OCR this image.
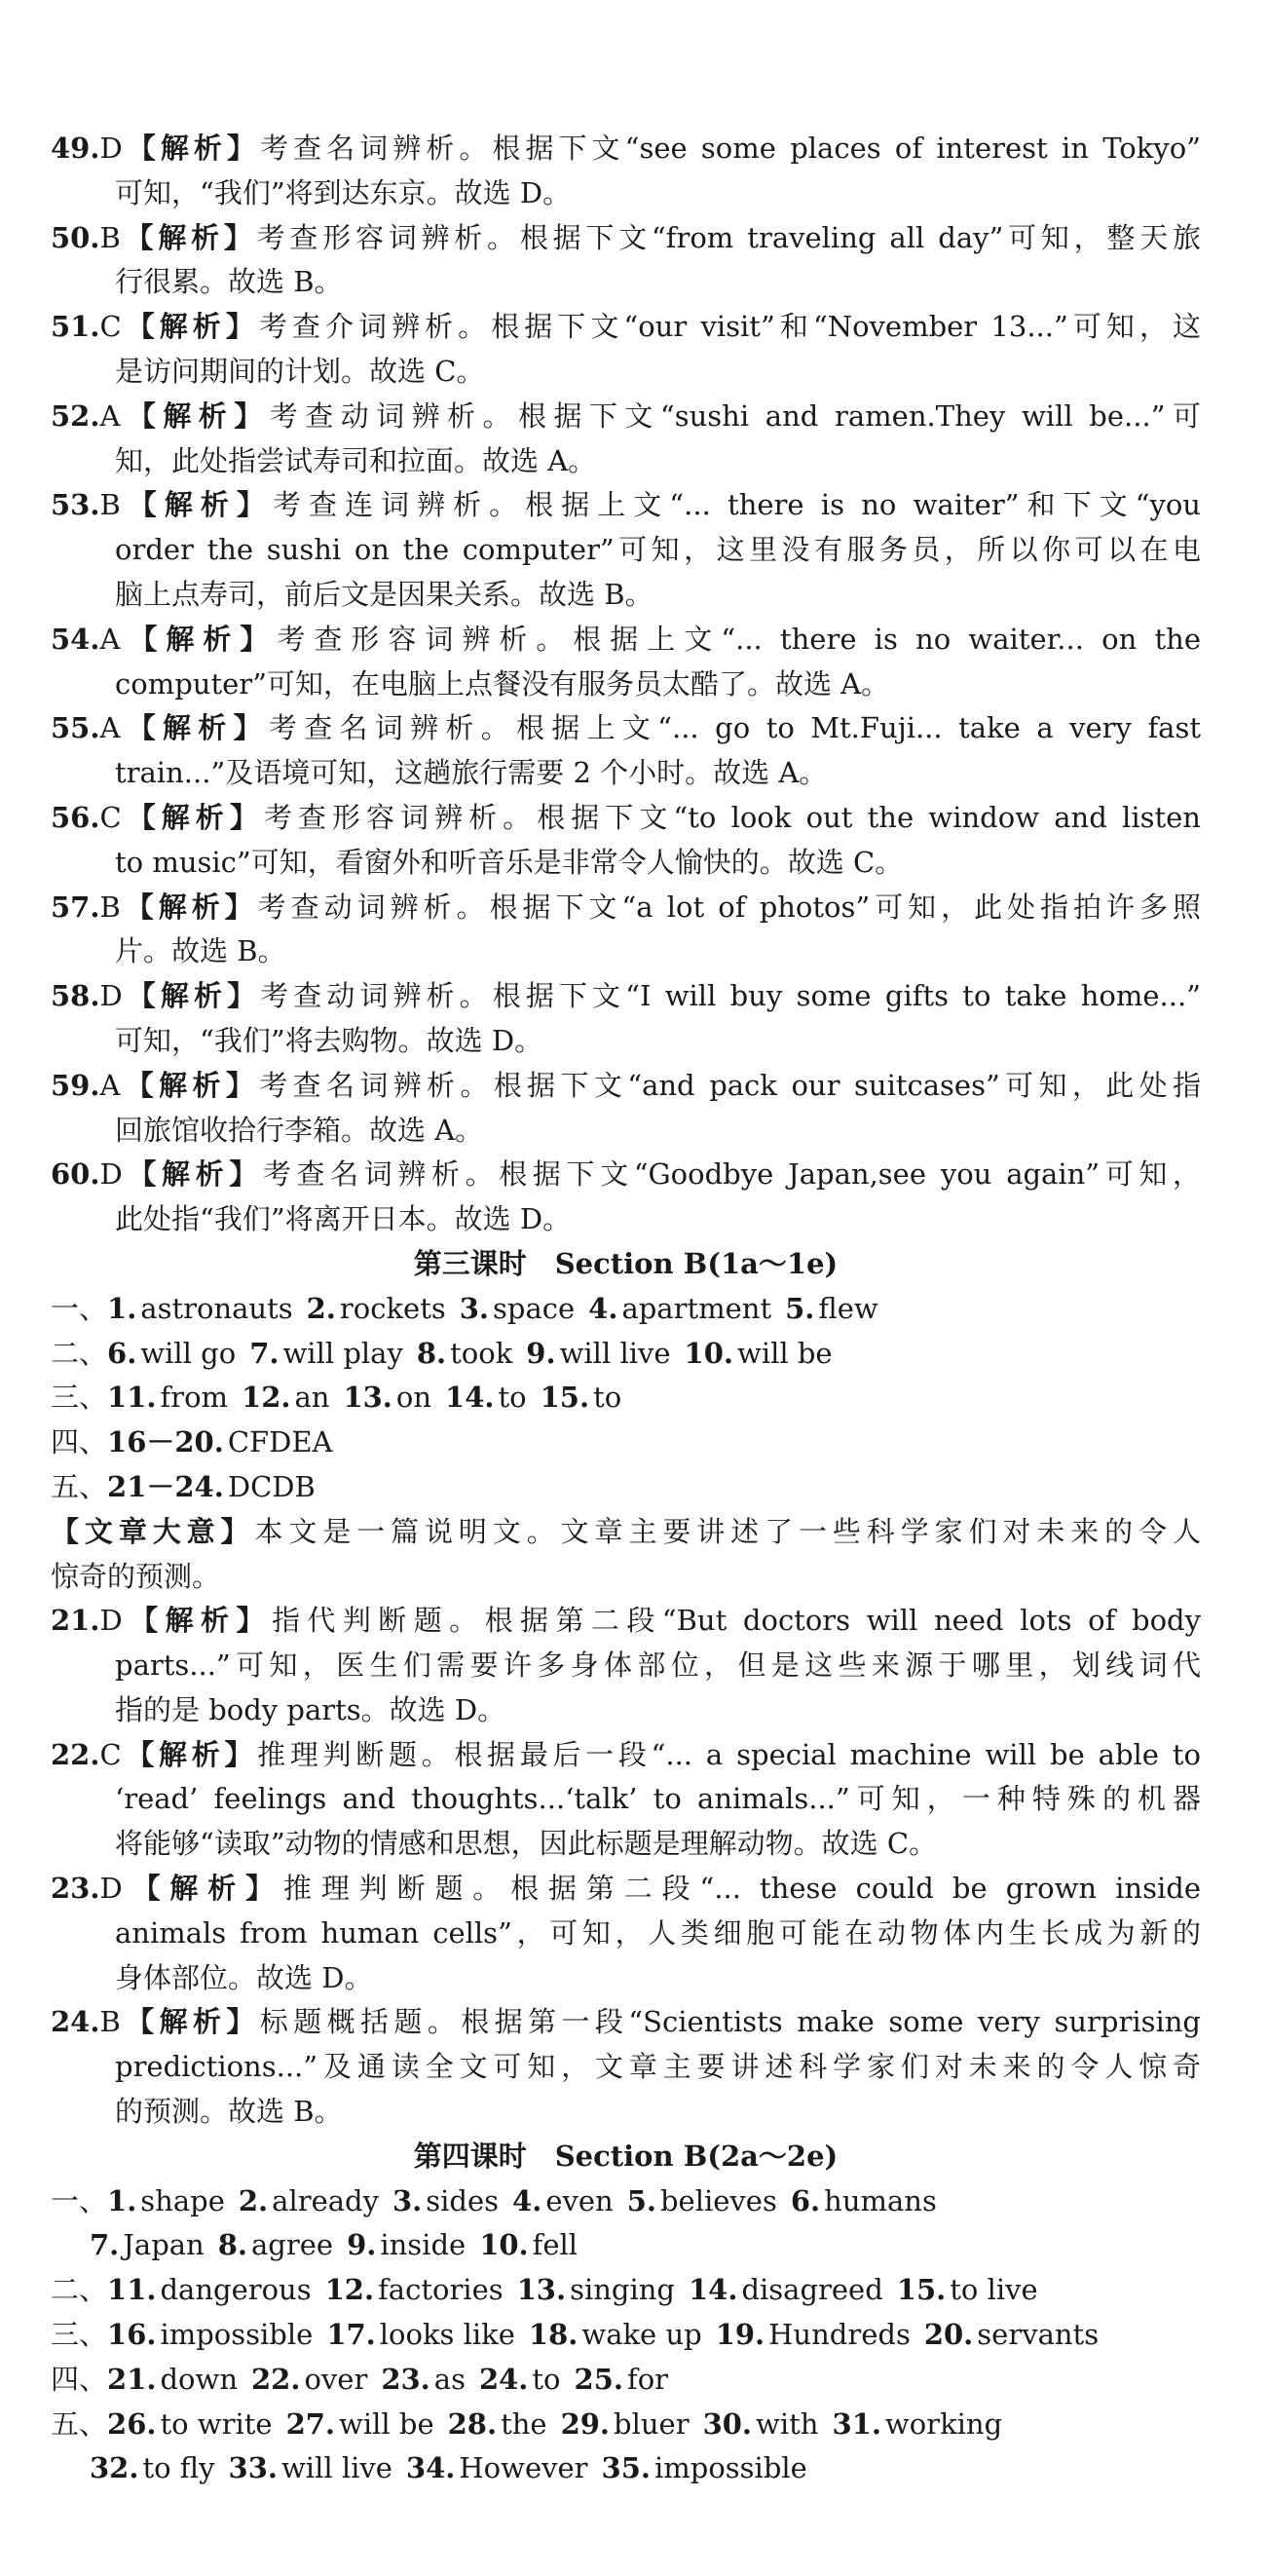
49.D【解析】考查名词辨析。根据下文“see some places of interest in Tokyo”
可知，“我们”将到达东京。故选 D。
50.B【解析】考查形容词辨析。根据下文“from traveling all day”可知，整天旅
行很累。故选 B。
51.C【解析】考查介词辨析。根据下文“our visit”和“November 13...”可知，这
是访问期间的计划。故选 C。
52.A【解析】考查动词辨析。根据下文“sushi and ramen.They will be...”可
知，此处指尝试寿司和拉面。故选 A。
53.B【解析】考查连词辨析。根据上文“... there is no waiter”和下文“you
order the sushi on the computer”可知，这里没有服务员，所以你可以在电
脑上点寿司，前后文是因果关系。故选 B。
54.A【解析】考查形容词辨析。根据上文“... there is no waiter... on the
computer”可知，在电脑上点餐没有服务员太酷了。故选 A。
55.A【解析】考查名词辨析。根据上文“... go to Mt.Fuji... take a very fast
train...”及语境可知，这趟旅行需要 2 个小时。故选 A。
56.C【解析】考查形容词辨析。根据下文“to look out the window and listen
to music”可知，看窗外和听音乐是非常令人愉快的。故选 C。
57.B【解析】考查动词辨析。根据下文“a lot of photos”可知，此处指拍许多照
片。故选 B。
58.D【解析】考查动词辨析。根据下文“I will buy some gifts to take home...”
可知，“我们”将去购物。故选 D。
59.A【解析】考查名词辨析。根据下文“and pack our suitcases”可知，此处指
回旅馆收拾行李箱。故选 A。
60.D【解析】考查名词辨析。根据下文“Goodbye Japan,see you again”可知，
此处指“我们”将离开日本。故选 D。
第三课时　Section B(1a～1e)
一、1. astronauts 2. rockets 3. space 4. apartment 5. flew
二、6. will go 7. will play 8. took 9. will live 10. will be
三、11. from 12. an 13. on 14. to 15. to
四、16－20. CFDEA
五、21－24. DCDB
【文章大意】本文是一篇说明文。文章主要讲述了一些科学家们对未来的令人
惊奇的预测。
21.D【解析】指代判断题。根据第二段“But doctors will need lots of body
parts...”可知，医生们需要许多身体部位，但是这些来源于哪里，划线词代
指的是 body parts。故选 D。
22.C【解析】推理判断题。根据最后一段“... a special machine will be able to
‘read’ feelings and thoughts...‘talk’ to animals...”可知，一种特殊的机器
将能够“读取”动物的情感和思想，因此标题是理解动物。故选 C。
23.D【解析】推理判断题。根据第二段“... these could be grown inside
animals from human cells”，可知，人类细胞可能在动物体内生长成为新的
身体部位。故选 D。
24.B【解析】标题概括题。根据第一段“Scientists make some very surprising
predictions...”及通读全文可知，文章主要讲述科学家们对未来的令人惊奇
的预测。故选 B。
第四课时　Section B(2a～2e)
一、1. shape 2. already 3. sides 4. even 5. believes 6. humans
7. Japan 8. agree 9. inside 10. fell
二、11. dangerous 12. factories 13. singing 14. disagreed 15. to live
三、16. impossible 17. looks like 18. wake up 19. Hundreds 20. servants
四、21. down 22. over 23. as 24. to 25. for
五、26. to write 27. will be 28. the 29. bluer 30. with 31. working
32. to fly 33. will live 34. However 35. impossible
